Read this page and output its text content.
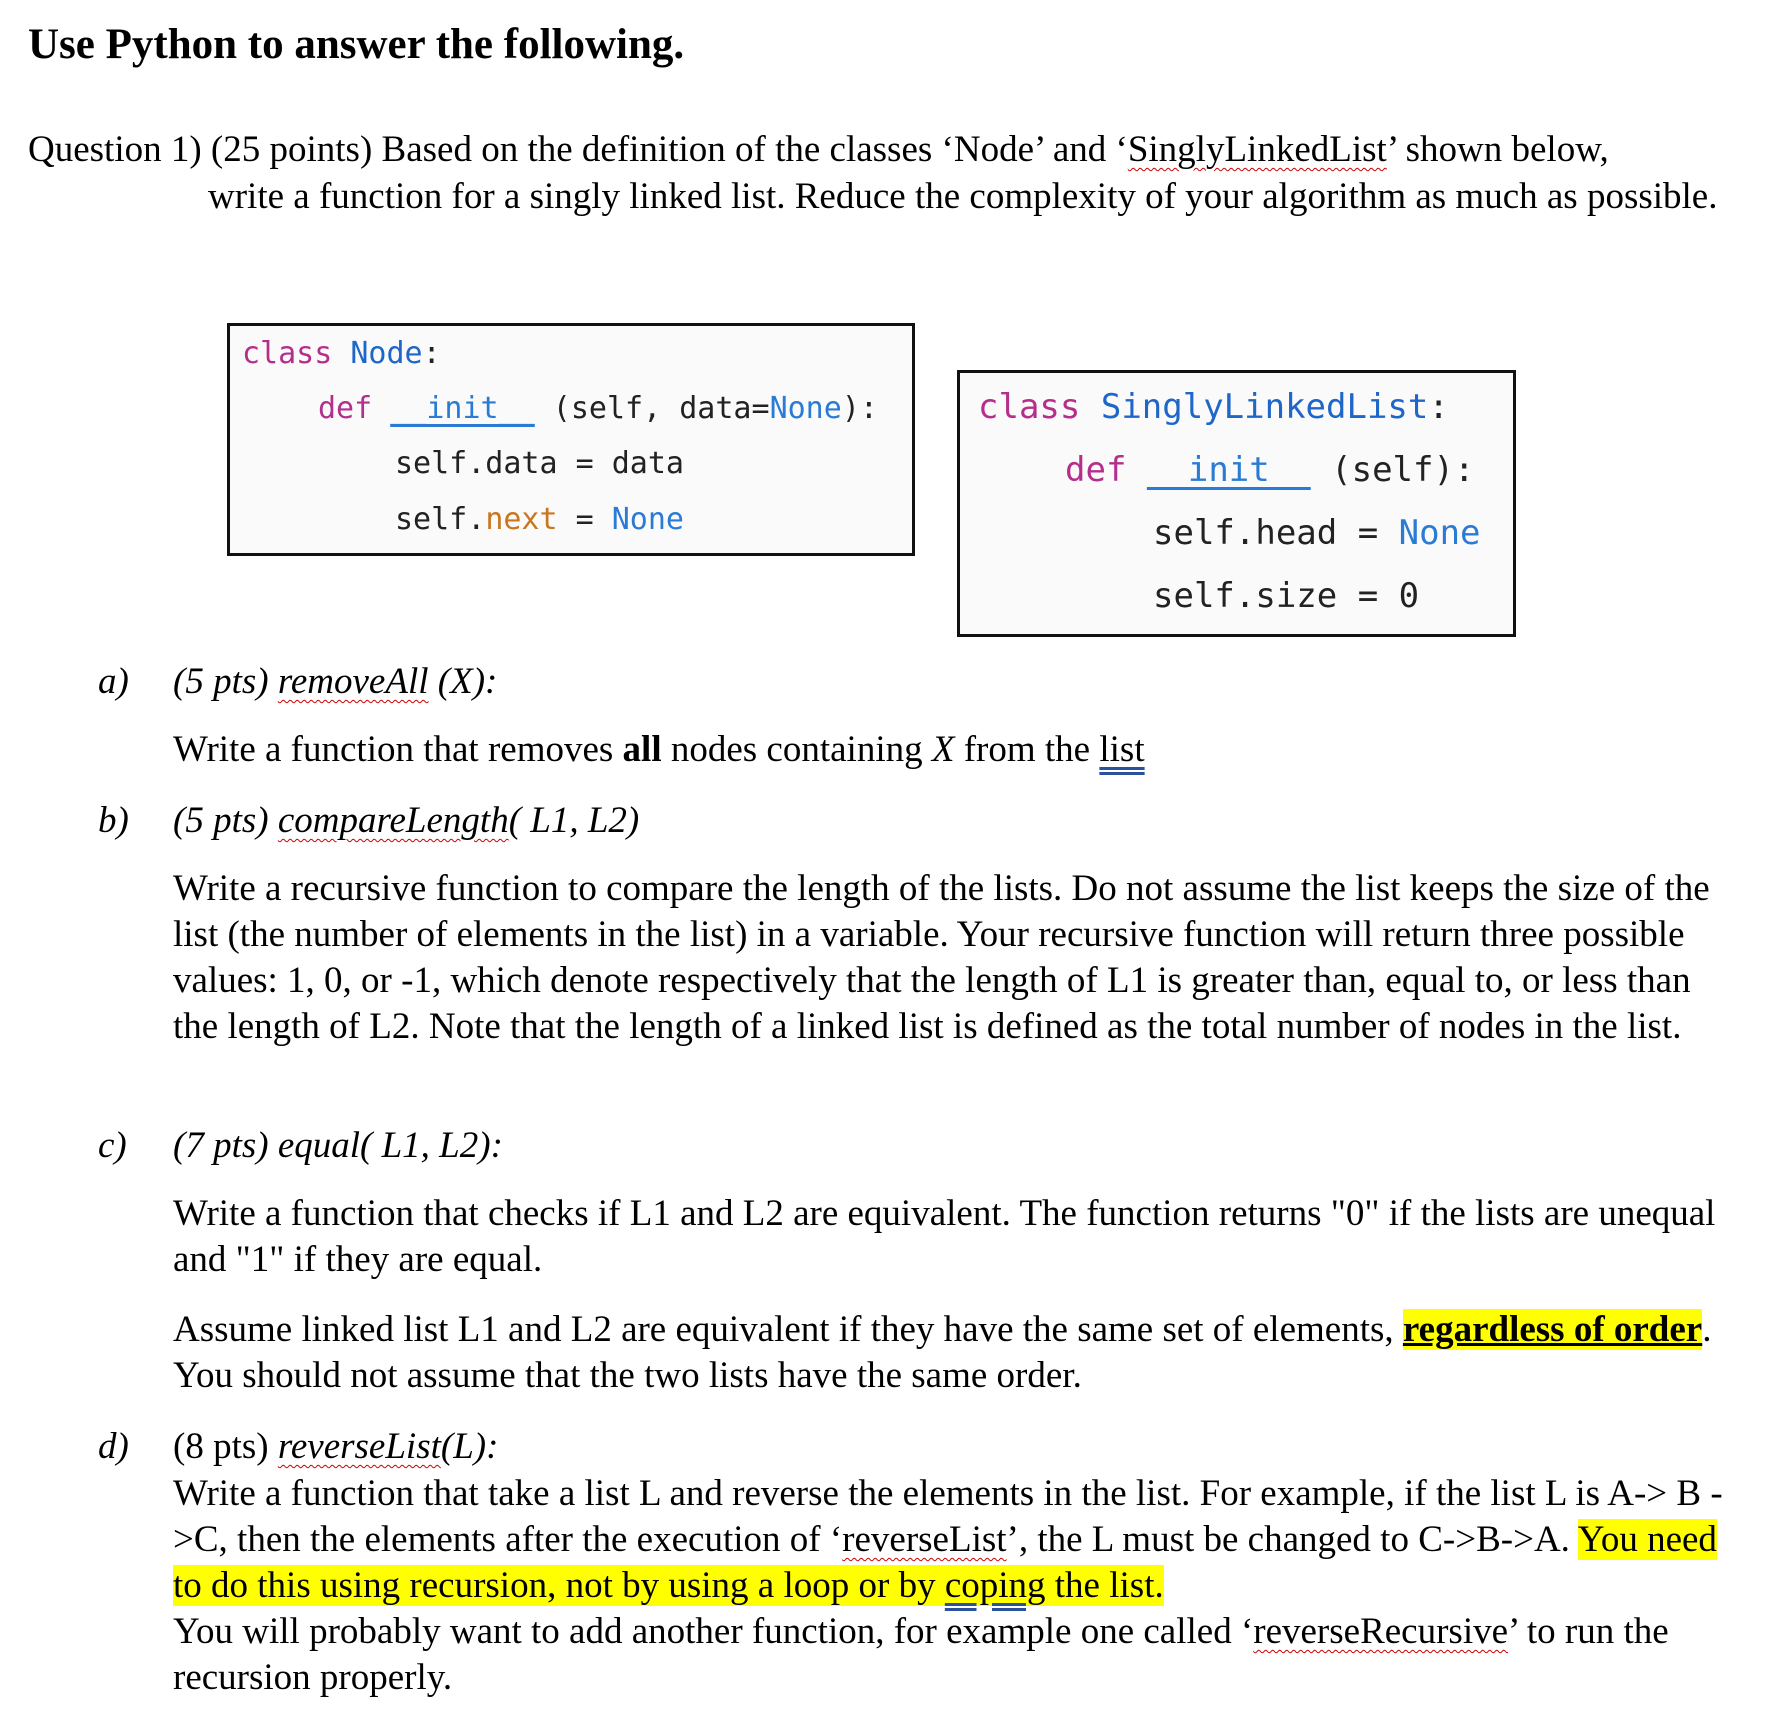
Use Python to answer the following.
Question 1) (25 points) Based on the definition of the classes ‘Node’ and ‘SinglyLinkedList’ shown below,
write a function for a singly linked list. Reduce the complexity of your algorithm as much as possible.
class Node:
def __init__ (self, data=None):
self.data = data
self.next = None
class SinglyLinkedList:
def __init__ (self):
self.head = None
self.size = 0
a) (5 pts) removeAll (X):
Write a function that removes all nodes containing X from the list
b) (5 pts) compareLength( L1, L2)
Write a recursive function to compare the length of the lists. Do not assume the list keeps the size of the list (the number of elements in the list) in a variable. Your recursive function will return three possible values: 1, 0, or -1, which denote respectively that the length of L1 is greater than, equal to, or less than the length of L2. Note that the length of a linked list is defined as the total number of nodes in the list.
c) (7 pts) equal( L1, L2):
Write a function that checks if L1 and L2 are equivalent. The function returns "0" if the lists are unequal and "1" if they are equal.
Assume linked list L1 and L2 are equivalent if they have the same set of elements, regardless of order. You should not assume that the two lists have the same order.
d) (8 pts) reverseList(L):
Write a function that take a list L and reverse the elements in the list. For example, if the list L is A-> B ->C, then the elements after the execution of ‘reverseList’, the L must be changed to C->B->A. You need to do this using recursion, not by using a loop or by coping the list.
You will probably want to add another function, for example one called ‘reverseRecursive’ to run the recursion properly.
